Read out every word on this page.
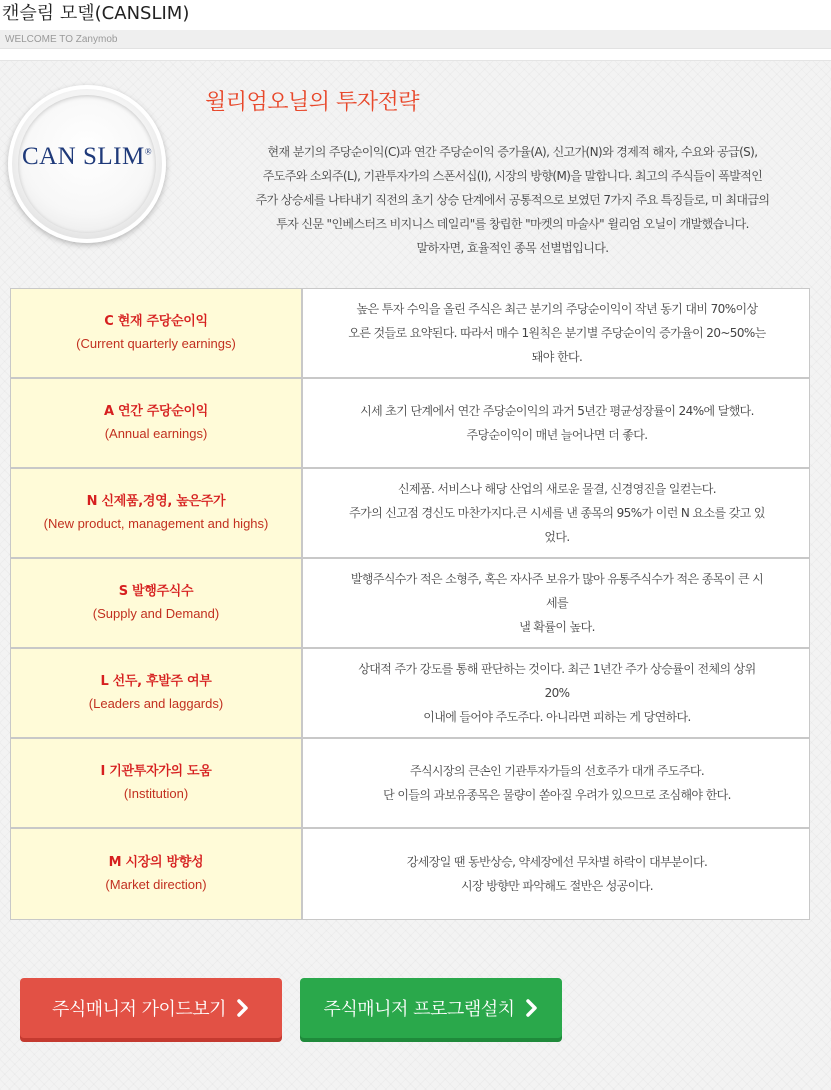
캔슬림 모델(CANSLIM)
WELCOME TO Zanymob
CAN SLIM®
윌리엄오닐의 투자전략
현재 분기의 주당순이익(C)과 연간 주당순이익 증가율(A), 신고가(N)와 경제적 해자, 수요와 공급(S),
주도주와 소외주(L), 기관투자가의 스폰서십(I), 시장의 방향(M)을 말합니다. 최고의 주식들이 폭발적인
주가 상승세를 나타내기 직전의 초기 상승 단계에서 공통적으로 보였던 7가지 주요 특징들로, 미 최대급의
투자 신문 "인베스터즈 비지니스 데일리"를 창립한 "마켓의 마술사" 윌리엄 오닐이 개발했습니다.
말하자면, 효율적인 종목 선별법입니다.
C 현재 주당순이익
(Current quarterly earnings)
높은 투자 수익을 올린 주식은 최근 분기의 주당순이익이 작년 동기 대비 70%이상
오른 것들로 요약된다. 따라서 매수 1원칙은 분기별 주당순이익 증가율이 20~50%는
돼야 한다.
A 연간 주당순이익
(Annual earnings)
시세 초기 단계에서 연간 주당순이익의 과거 5년간 평균성장률이 24%에 달했다.
주당순이익이 매년 늘어나면 더 좋다.
N 신제품,경영, 높은주가
(New product, management and highs)
신제품. 서비스나 해당 산업의 새로운 물결, 신경영진을 일컫는다.
주가의 신고점 경신도 마찬가지다.큰 시세를 낸 종목의 95%가 이런 N 요소를 갖고 있
었다.
S 발행주식수
(Supply and Demand)
발행주식수가 적은 소형주, 혹은 자사주 보유가 많아 유통주식수가 적은 종목이 큰 시
세를
낼 확률이 높다.
L 선두, 후발주 여부
(Leaders and laggards)
상대적 주가 강도를 통해 판단하는 것이다. 최근 1년간 주가 상승률이 전체의 상위
20%
이내에 들어야 주도주다. 아니라면 피하는 게 당연하다.
I 기관투자가의 도움
(Institution)
주식시장의 큰손인 기관투자가들의 선호주가 대개 주도주다.
단 이들의 과보유종목은 물량이 쏟아질 우려가 있으므로 조심해야 한다.
M 시장의 방향성
(Market direction)
강세장일 땐 동반상승, 약세장에선 무차별 하락이 대부분이다.
시장 방향만 파악해도 절반은 성공이다.
주식매니저 가이드보기	주식매니저 프로그램설치
